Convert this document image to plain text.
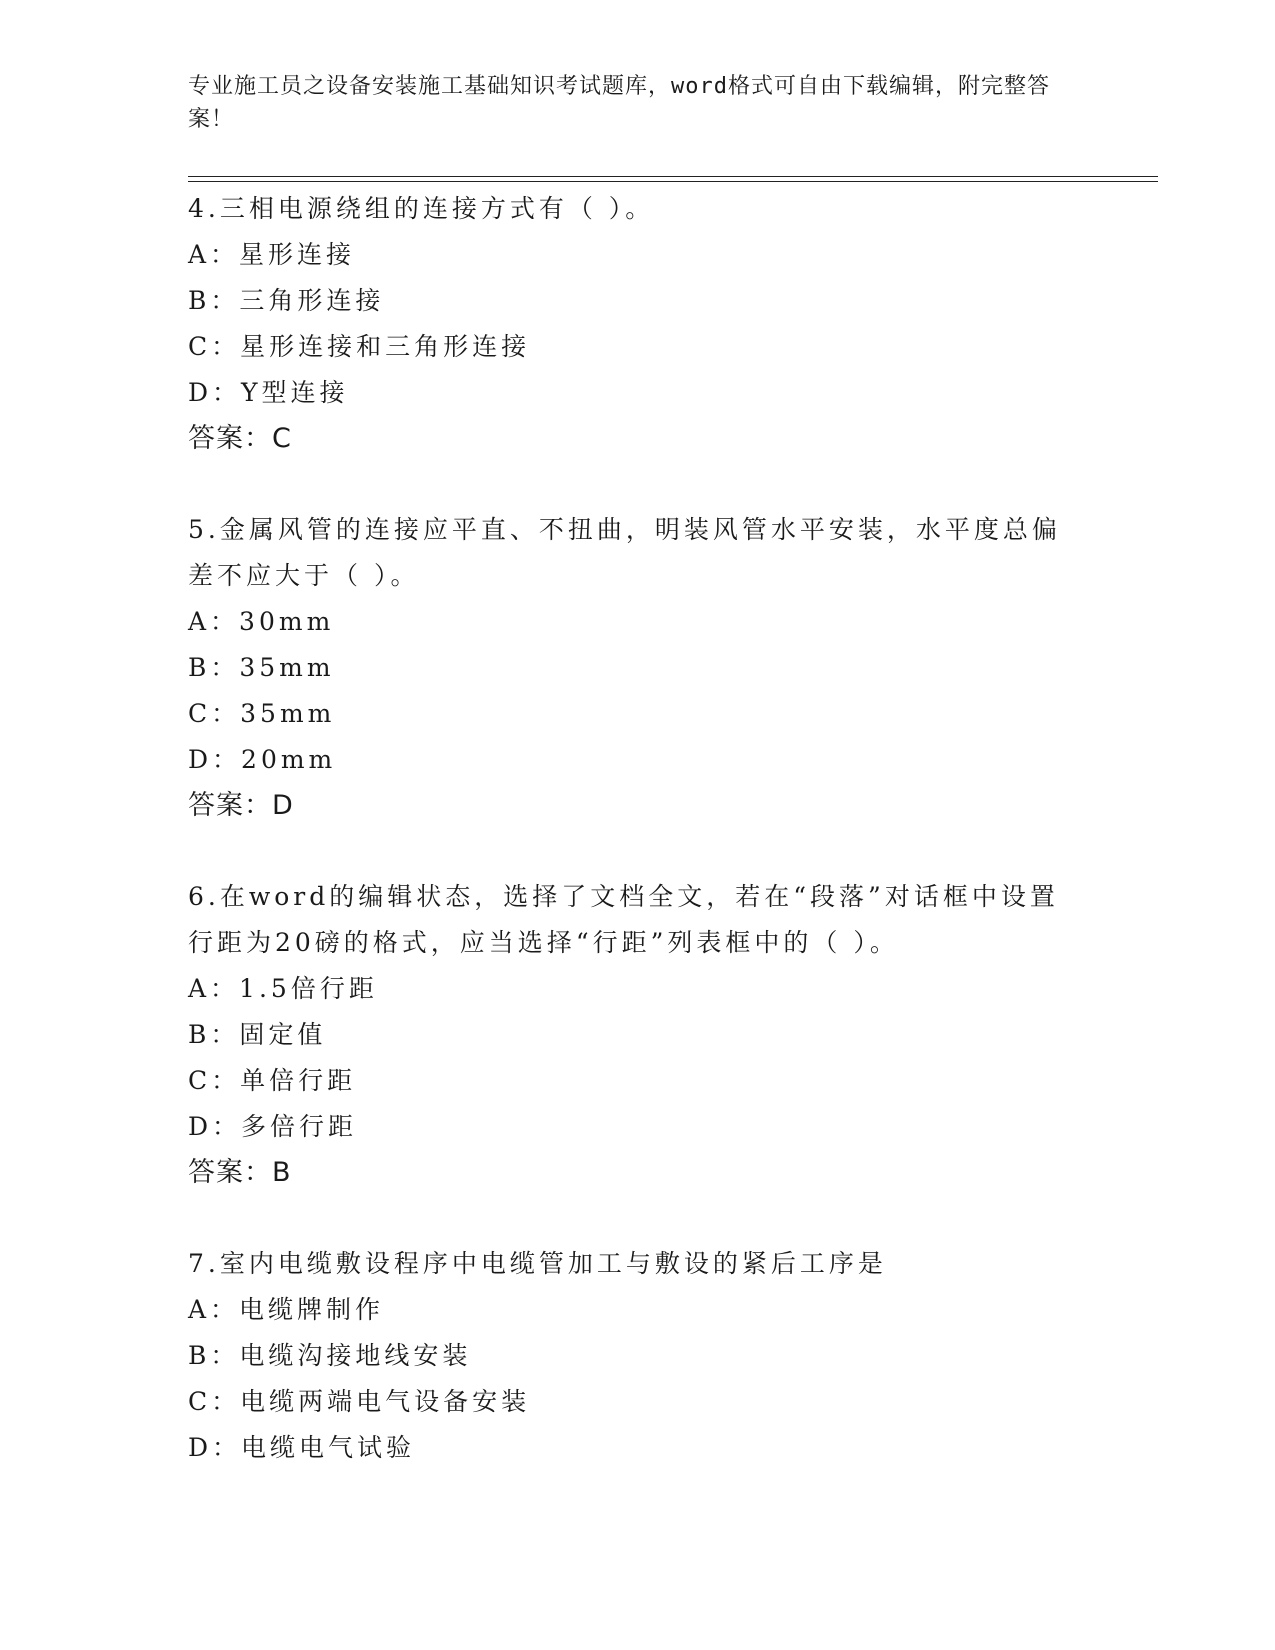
专业施工员之设备安装施工基础知识考试题库，word格式可自由下载编辑，附完整答案！
4.三相电源绕组的连接方式有（ ）。
A：星形连接
B：三角形连接
C：星形连接和三角形连接
D：Y型连接
答案：C
5.金属风管的连接应平直、不扭曲，明装风管水平安装，水平度总偏差不应大于（ ）。
A：30mm
B：35mm
C：35mm
D：20mm
答案：D
6.在word的编辑状态，选择了文档全文，若在“段落”对话框中设置行距为20磅的格式，应当选择“行距”列表框中的（ ）。
A：1.5倍行距
B：固定值
C：单倍行距
D：多倍行距
答案：B
7.室内电缆敷设程序中电缆管加工与敷设的紧后工序是
A：电缆牌制作
B：电缆沟接地线安装
C：电缆两端电气设备安装
D：电缆电气试验
